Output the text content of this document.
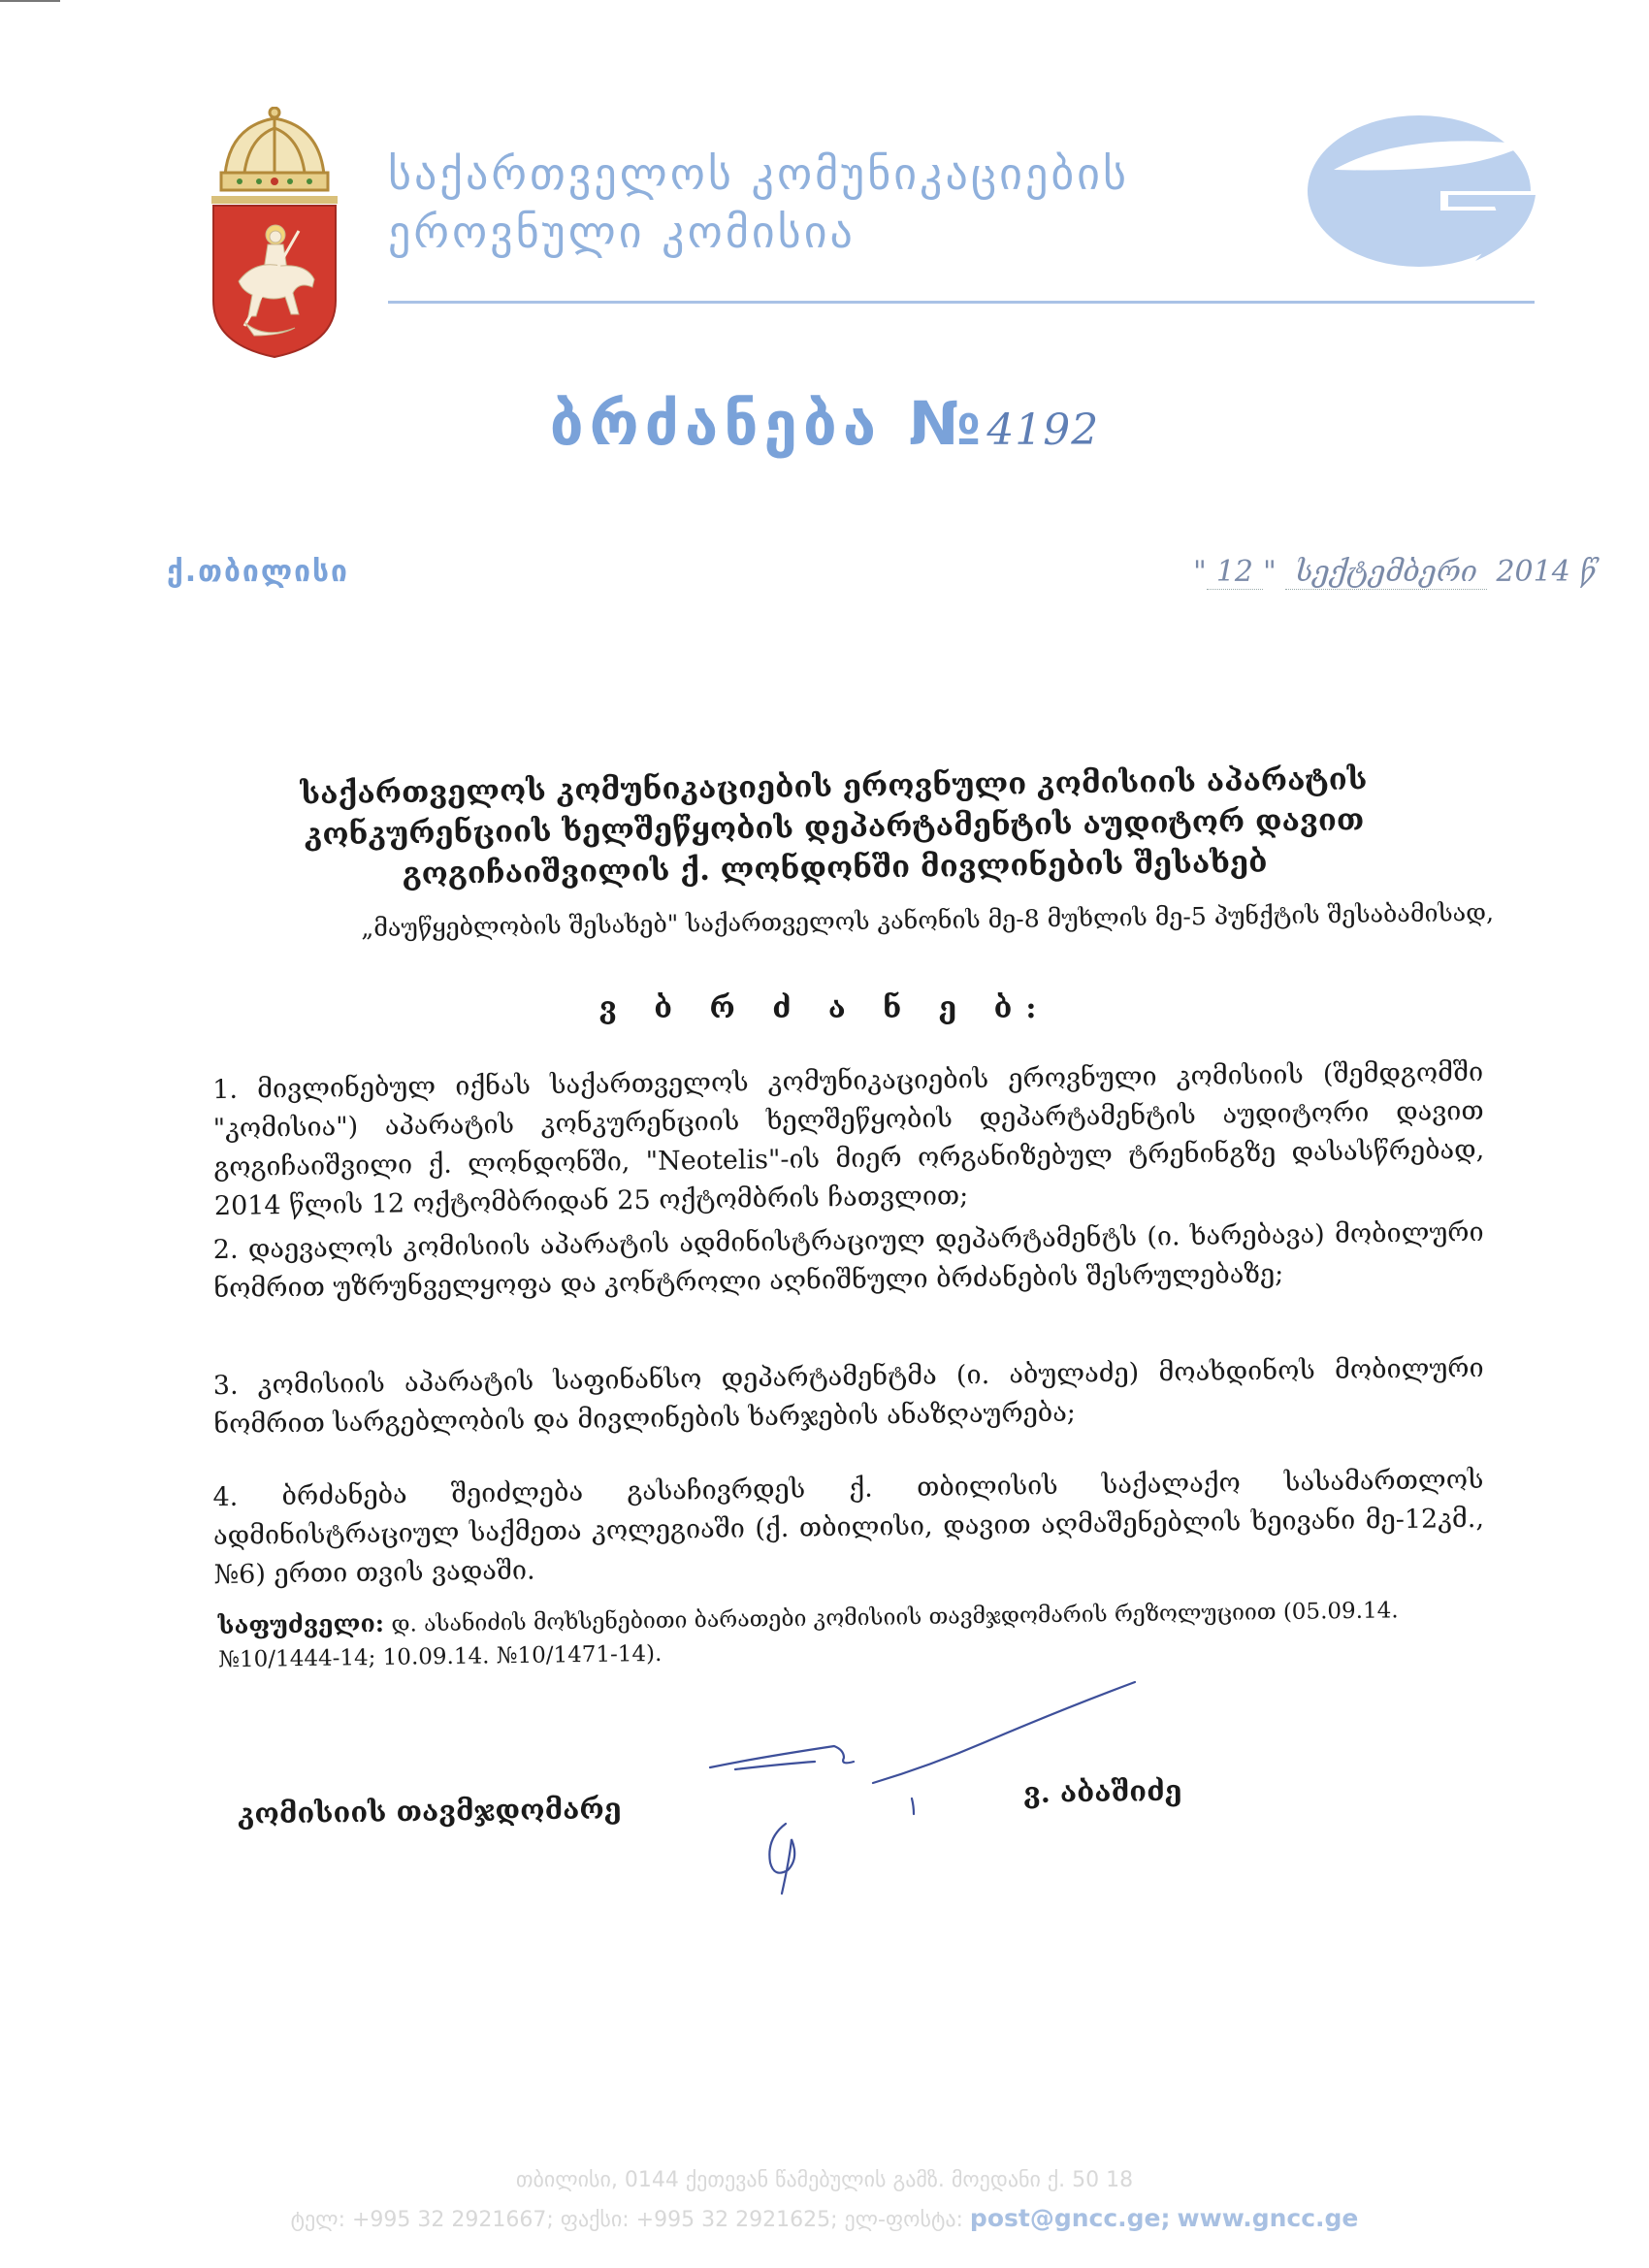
საქართველოს კომუნიკაციების
ეროვნული კომისია
ბრძანება №4192
ქ.თბილისი	" 12 " სექტემბერი 2014 წ
საქართველოს კომუნიკაციების ეროვნული კომისიის აპარატის კონკურენციის ხელშეწყობის დეპარტამენტის აუდიტორ დავით გოგიჩაიშვილის ქ. ლონდონში მივლინების შესახებ
„მაუწყებლობის შესახებ" საქართველოს კანონის მე-8 მუხლის მე-5 პუნქტის შესაბამისად,
ვ ბ რ ძ ა ნ ე ბ:
1. მივლინებულ იქნას საქართველოს კომუნიკაციების ეროვნული კომისიის (შემდგომში "კომისია") აპარატის კონკურენციის ხელშეწყობის დეპარტამენტის აუდიტორი დავით გოგიჩაიშვილი ქ. ლონდონში, "Neotelis"-ის მიერ ორგანიზებულ ტრენინგზე დასასწრებად, 2014 წლის 12 ოქტომბრიდან 25 ოქტომბრის ჩათვლით;
2. დაევალოს კომისიის აპარატის ადმინისტრაციულ დეპარტამენტს (ი. ხარებავა) მობილური ნომრით უზრუნველყოფა და კონტროლი აღნიშნული ბრძანების შესრულებაზე;
3. კომისიის აპარატის საფინანსო დეპარტამენტმა (ი. აბულაძე) მოახდინოს მობილური ნომრით სარგებლობის და მივლინების ხარჯების ანაზღაურება;
4. ბრძანება შეიძლება გასაჩივრდეს ქ. თბილისის საქალაქო სასამართლოს ადმინისტრაციულ საქმეთა კოლეგიაში (ქ. თბილისი, დავით აღმაშენებლის ხეივანი მე-12კმ., №6) ერთი თვის ვადაში.
საფუძველი: დ. ასანიძის მოხსენებითი ბარათები კომისიის თავმჯდომარის რეზოლუციით (05.09.14. №10/1444-14; 10.09.14. №10/1471-14).
კომისიის თავმჯდომარე
ვ. აბაშიძე
თბილისი, 0144 ქეთევან წამებულის გამზ. მოედანი ქ. 50 18
ტელ: +995 32 2921667; ფაქსი: +995 32 2921625; ელ-ფოსტა: post@gncc.ge; www.gncc.ge
